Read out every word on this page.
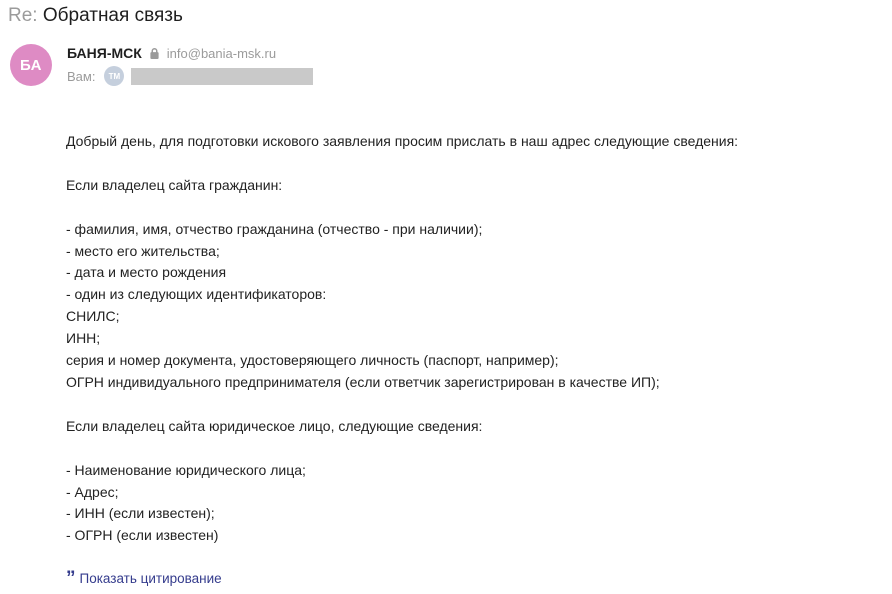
Re: Обратная связь
БА
БАНЯ-МСК info@bania-msk.ru
Вам:	TM
Добрый день, для подготовки искового заявления просим прислать в наш адрес следующие сведения:

Если владелец сайта гражданин:

- фамилия, имя, отчество гражданина (отчество - при наличии);
- место его жительства;
- дата и место рождения
- один из следующих идентификаторов:
СНИЛС;
ИНН;
серия и номер документа, удостоверяющего личность (паспорт, например);
ОГРН индивидуального предпринимателя (если ответчик зарегистрирован в качестве ИП);

Если владелец сайта юридическое лицо, следующие сведения:

- Наименование юридического лица;
- Адрес;
- ИНН (если известен);
- ОГРН (если известен)
” Показать цитирование
